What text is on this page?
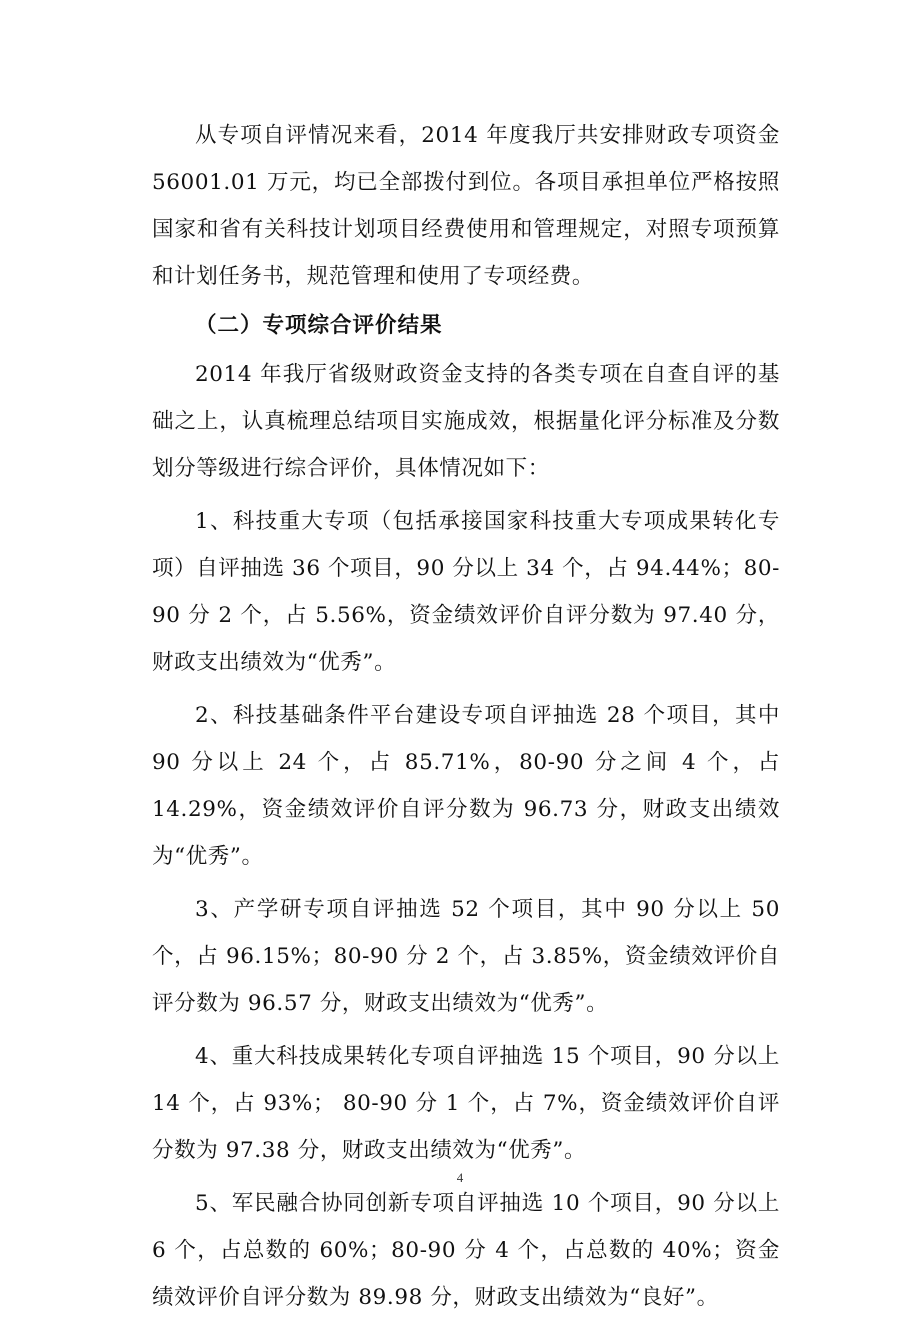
从专项自评情况来看，2014 年度我厅共安排财政专项资金 56001.01 万元，均已全部拨付到位。各项目承担单位严格按照国家和省有关科技计划项目经费使用和管理规定，对照专项预算和计划任务书，规范管理和使用了专项经费。

（二）专项综合评价结果

2014 年我厅省级财政资金支持的各类专项在自查自评的基础之上，认真梳理总结项目实施成效，根据量化评分标准及分数划分等级进行综合评价，具体情况如下：

1、科技重大专项（包括承接国家科技重大专项成果转化专项）自评抽选 36 个项目，90 分以上 34 个，占 94.44%；80-90 分 2 个，占 5.56%，资金绩效评价自评分数为 97.40 分，财政支出绩效为“优秀”。

2、科技基础条件平台建设专项自评抽选 28 个项目，其中 90 分以上 24 个，占 85.71%，80-90 分之间 4 个，占 14.29%，资金绩效评价自评分数为 96.73 分，财政支出绩效为“优秀”。

3、产学研专项自评抽选 52 个项目，其中 90 分以上 50 个，占 96.15%；80-90 分 2 个，占 3.85%，资金绩效评价自评分数为 96.57 分，财政支出绩效为“优秀”。

4、重大科技成果转化专项自评抽选 15 个项目，90 分以上 14 个，占 93%； 80-90 分 1 个，占 7%，资金绩效评价自评分数为 97.38 分，财政支出绩效为“优秀”。

5、军民融合协同创新专项自评抽选 10 个项目，90 分以上 6 个，占总数的 60%；80-90 分 4 个，占总数的 40%；资金绩效评价自评分数为 89.98 分，财政支出绩效为“良好”。

4
